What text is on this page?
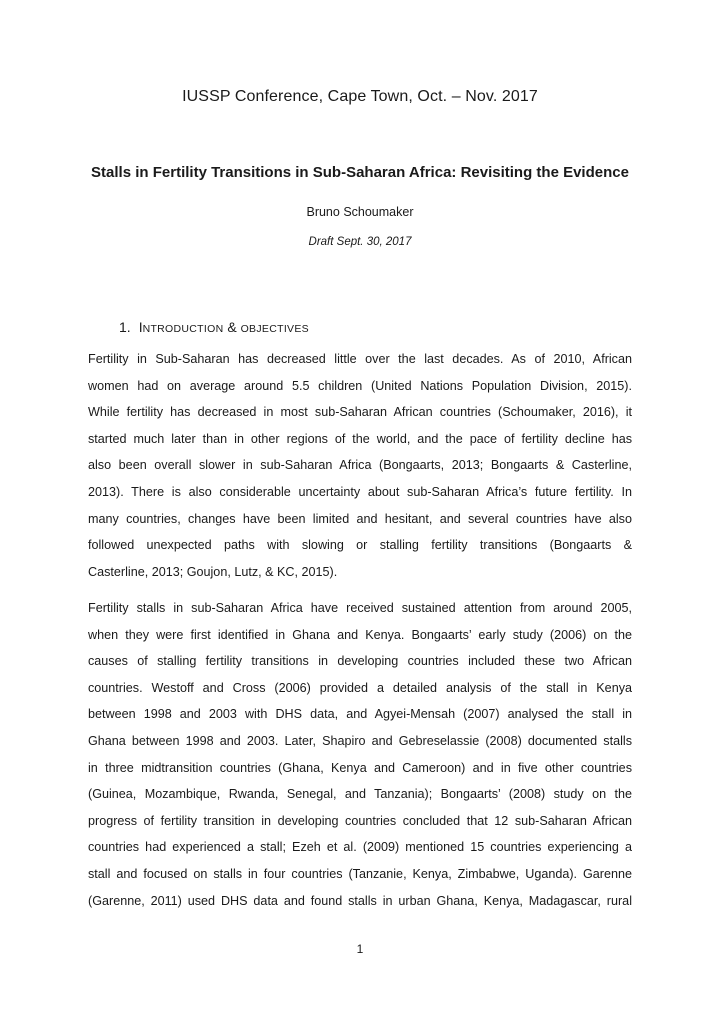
IUSSP Conference, Cape Town, Oct. – Nov. 2017
Stalls in Fertility Transitions in Sub-Saharan Africa: Revisiting the Evidence
Bruno Schoumaker
Draft Sept. 30, 2017
1. INTRODUCTION & OBJECTIVES
Fertility in Sub-Saharan has decreased little over the last decades. As of 2010, African
women had on average around 5.5 children (United Nations Population Division, 2015).
While fertility has decreased in most sub-Saharan African countries (Schoumaker, 2016), it
started much later than in other regions of the world, and the pace of fertility decline has
also been overall slower in sub-Saharan Africa (Bongaarts, 2013; Bongaarts & Casterline,
2013). There is also considerable uncertainty about sub-Saharan Africa’s future fertility. In
many countries, changes have been limited and hesitant, and several countries have also
followed unexpected paths with slowing or stalling fertility transitions (Bongaarts &
Casterline, 2013; Goujon, Lutz, & KC, 2015).
Fertility stalls in sub-Saharan Africa have received sustained attention from around 2005,
when they were first identified in Ghana and Kenya. Bongaarts’ early study (2006) on the
causes of stalling fertility transitions in developing countries included these two African
countries. Westoff and Cross (2006) provided a detailed analysis of the stall in Kenya
between 1998 and 2003 with DHS data, and Agyei-Mensah (2007) analysed the stall in
Ghana between 1998 and 2003. Later, Shapiro and Gebreselassie (2008) documented stalls
in three midtransition countries (Ghana, Kenya and Cameroon) and in five other countries
(Guinea, Mozambique, Rwanda, Senegal, and Tanzania); Bongaarts’ (2008) study on the
progress of fertility transition in developing countries concluded that 12 sub-Saharan African
countries had experienced a stall; Ezeh et al. (2009) mentioned 15 countries experiencing a
stall and focused on stalls in four countries (Tanzanie, Kenya, Zimbabwe, Uganda). Garenne
(Garenne, 2011) used DHS data and found stalls in urban Ghana, Kenya, Madagascar, rural
1
